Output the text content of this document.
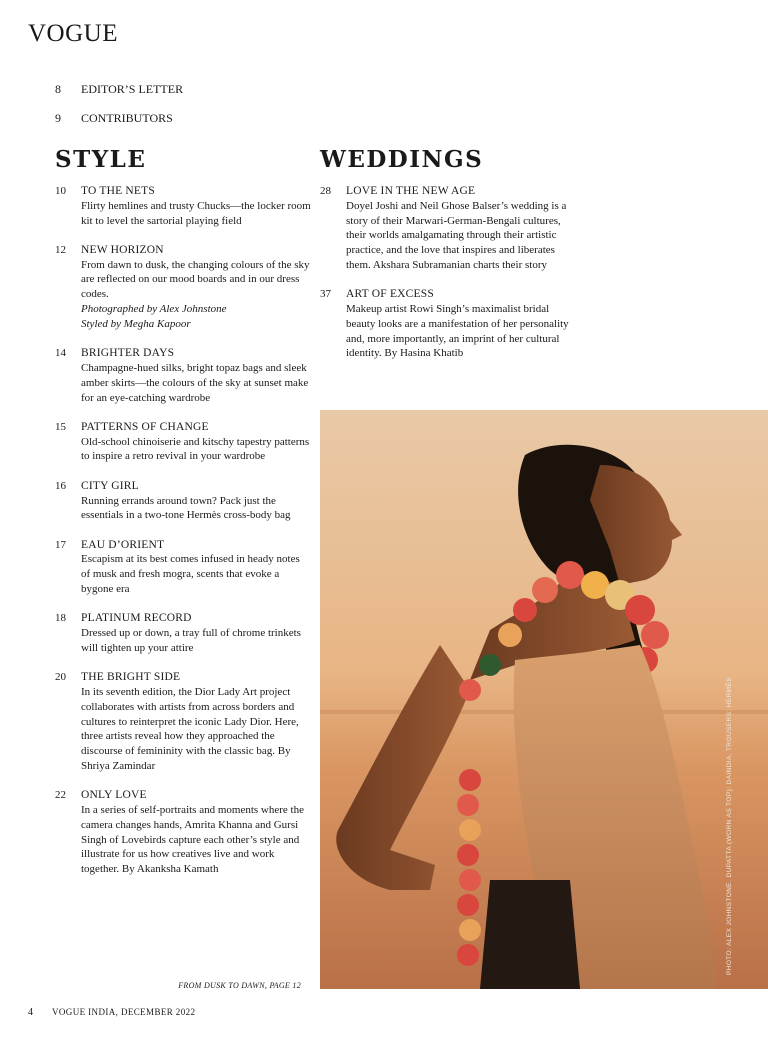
VOGUE
8 EDITOR’S LETTER
9 CONTRIBUTORS
STYLE	WEDDINGS
10 TO THE NETS
Flirty hemlines and trusty Chucks—the locker room kit to level the sartorial playing field
12 NEW HORIZON
From dawn to dusk, the changing colours of the sky are reflected on our mood boards and in our dress codes.
Photographed by Alex Johnstone
Styled by Megha Kapoor
14 BRIGHTER DAYS
Champagne-hued silks, bright topaz bags and sleek amber skirts—the colours of the sky at sunset make for an eye-catching wardrobe
15 PATTERNS OF CHANGE
Old-school chinoiserie and kitschy tapestry patterns to inspire a retro revival in your wardrobe
16 CITY GIRL
Running errands around town? Pack just the essentials in a two-tone Hermès cross-body bag
17 EAU D’ORIENT
Escapism at its best comes infused in heady notes of musk and fresh mogra, scents that evoke a bygone era
18 PLATINUM RECORD
Dressed up or down, a tray full of chrome trinkets will tighten up your attire
20 THE BRIGHT SIDE
In its seventh edition, the Dior Lady Art project collaborates with artists from across borders and cultures to reinterpret the iconic Lady Dior. Here, three artists reveal how they approached the discourse of femininity with the classic bag. By Shriya Zamindar
22 ONLY LOVE
In a series of self-portraits and moments where the camera changes hands, Amrita Khanna and Gursi Singh of Lovebirds capture each other’s style and illustrate for us how creatives live and work together. By Akanksha Kamath
28 LOVE IN THE NEW AGE
Doyel Joshi and Neil Ghose Balser’s wedding is a story of their Marwari-German-Bengali cultures, their worlds amalgamating through their artistic practice, and the love that inspires and liberates them. Akshara Subramanian charts their story
37 ART OF EXCESS
Makeup artist Rowi Singh’s maximalist bridal beauty looks are a manifestation of her personality and, more importantly, an imprint of her cultural identity. By Hasina Khatib
PHOTO: ALEX JOHNSTONE. DUPATTA (WORN AS TOP): DAINDIA. TROUSERS: HERMÈS
FROM DUSK TO DAWN, PAGE 12
4 VOGUE INDIA, DECEMBER 2022
